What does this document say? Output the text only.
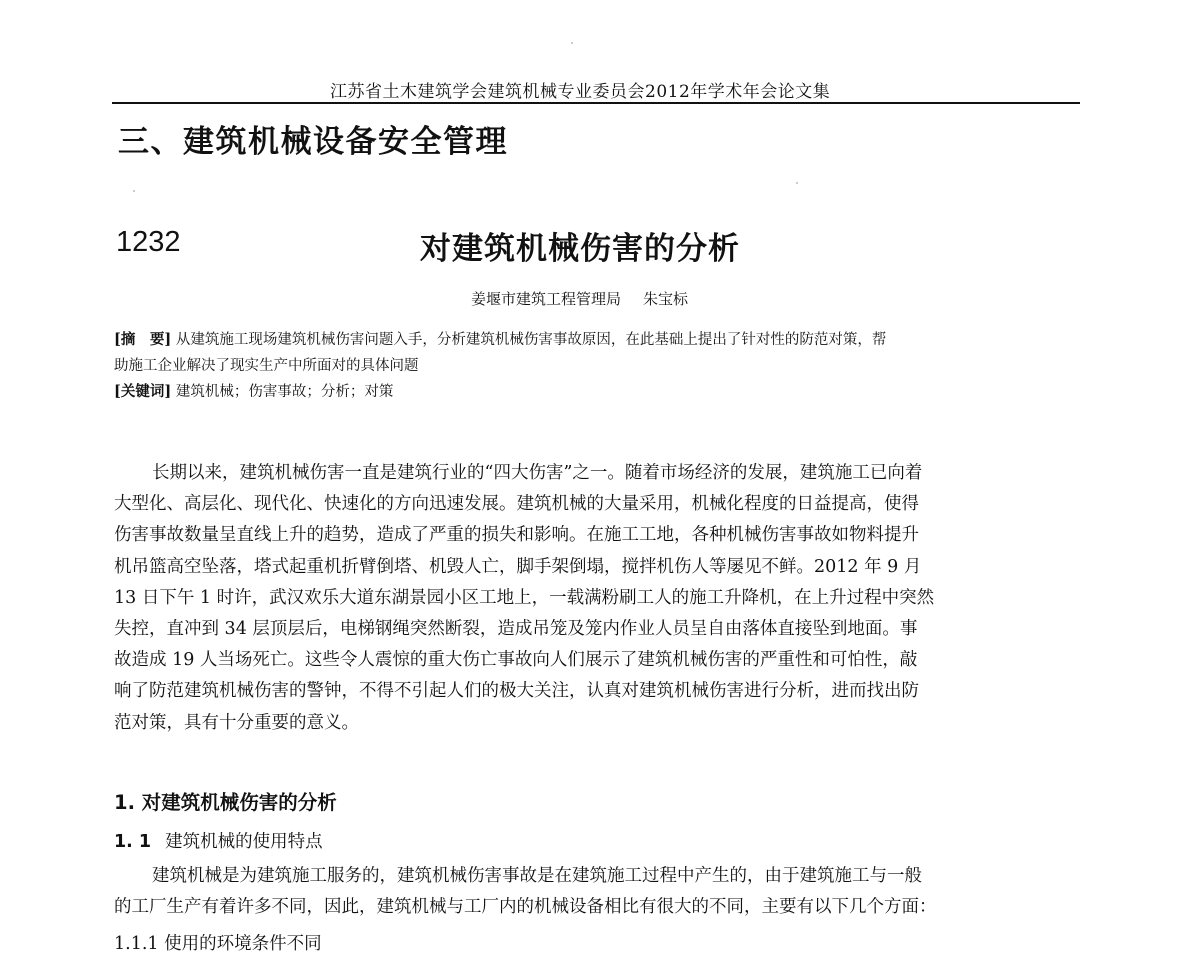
江苏省土木建筑学会建筑机械专业委员会2012年学术年会论文集
三、建筑机械设备安全管理
1232	对建筑机械伤害的分析
姜堰市建筑工程管理局 朱宝标
[摘　要] 从建筑施工现场建筑机械伤害问题入手，分析建筑机械伤害事故原因，在此基础上提出了针对性的防范对策，帮
助施工企业解决了现实生产中所面对的具体问题
[关键词] 建筑机械；伤害事故；分析；对策
长期以来，建筑机械伤害一直是建筑行业的“四大伤害”之一。随着市场经济的发展，建筑施工已向着
大型化、高层化、现代化、快速化的方向迅速发展。建筑机械的大量采用，机械化程度的日益提高，使得
伤害事故数量呈直线上升的趋势，造成了严重的损失和影响。在施工工地，各种机械伤害事故如物料提升
机吊篮高空坠落，塔式起重机折臂倒塔、机毁人亡，脚手架倒塌，搅拌机伤人等屡见不鲜。2012 年 9 月
13 日下午 1 时许，武汉欢乐大道东湖景园小区工地上，一载满粉刷工人的施工升降机，在上升过程中突然
失控，直冲到 34 层顶层后，电梯钢绳突然断裂，造成吊笼及笼内作业人员呈自由落体直接坠到地面。事
故造成 19 人当场死亡。这些令人震惊的重大伤亡事故向人们展示了建筑机械伤害的严重性和可怕性，敲
响了防范建筑机械伤害的警钟，不得不引起人们的极大关注，认真对建筑机械伤害进行分析，进而找出防
范对策，具有十分重要的意义。
1. 对建筑机械伤害的分析
1. 1 建筑机械的使用特点
建筑机械是为建筑施工服务的，建筑机械伤害事故是在建筑施工过程中产生的，由于建筑施工与一般
的工厂生产有着许多不同，因此，建筑机械与工厂内的机械设备相比有很大的不同，主要有以下几个方面：
1.1.1 使用的环境条件不同
